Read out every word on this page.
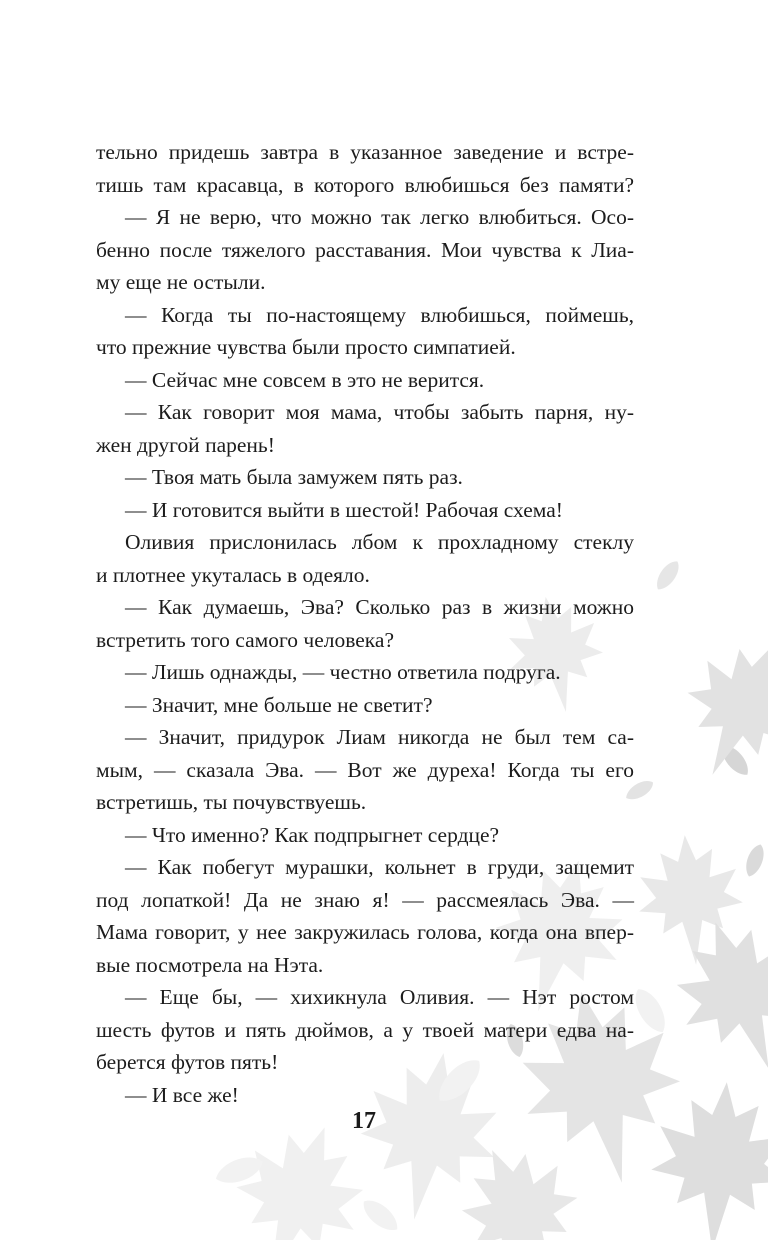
тельно придешь завтра в указанное заведение и встре-
тишь там красавца, в которого влюбишься без памяти?
— Я не верю, что можно так легко влюбиться. Осо-
бенно после тяжелого расставания. Мои чувства к Лиа-
му еще не остыли.
— Когда ты по-настоящему влюбишься, поймешь,
что прежние чувства были просто симпатией.
— Сейчас мне совсем в это не верится.
— Как говорит моя мама, чтобы забыть парня, ну-
жен другой парень!
— Твоя мать была замужем пять раз.
— И готовится выйти в шестой! Рабочая схема!
Оливия прислонилась лбом к прохладному стеклу
и плотнее укуталась в одеяло.
— Как думаешь, Эва? Сколько раз в жизни можно
встретить того самого человека?
— Лишь однажды, — честно ответила подруга.
— Значит, мне больше не светит?
— Значит, придурок Лиам никогда не был тем са-
мым, — сказала Эва. — Вот же дуреха! Когда ты его
встретишь, ты почувствуешь.
— Что именно? Как подпрыгнет сердце?
— Как побегут мурашки, кольнет в груди, защемит
под лопаткой! Да не знаю я! — рассмеялась Эва. —
Мама говорит, у нее закружилась голова, когда она впер-
вые посмотрела на Нэта.
— Еще бы, — хихикнула Оливия. — Нэт ростом
шесть футов и пять дюймов, а у твоей матери едва на-
берется футов пять!
— И все же!
17
